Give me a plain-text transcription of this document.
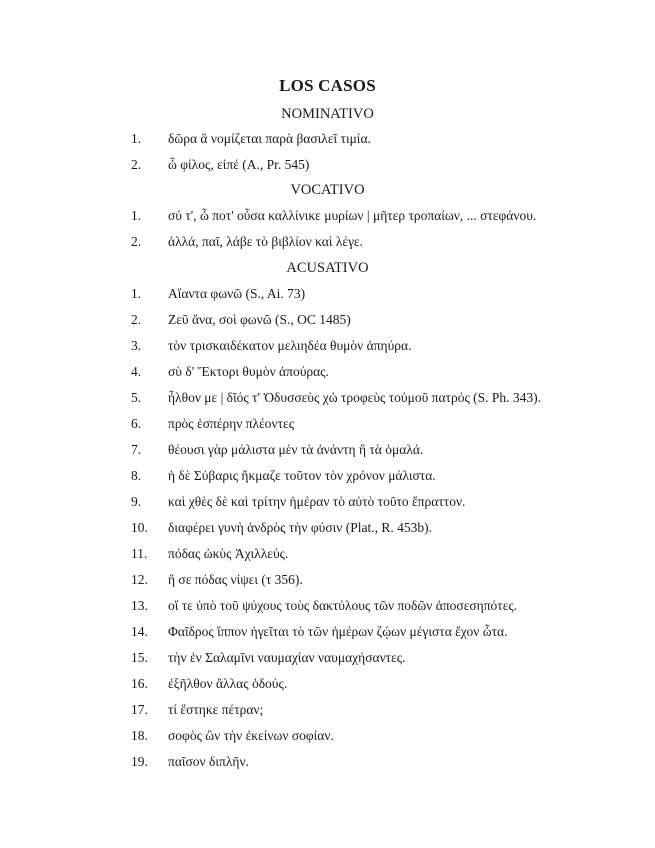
LOS CASOS
NOMINATIVO
1. δῶρα ἃ νομίζεται παρὰ βασιλεῖ τιμία.
2. ὦ φίλος, εἰπέ (A., Pr. 545)
VOCATIVO
1. σύ τ', ὦ ποτ' οὖσα καλλίνικε μυρίων | μῆτερ τροπαίων, ... στεφάνου.
2. ἀλλά, παῖ, λάβε τὸ βιβλίον καὶ λέγε.
ACUSATIVO
1. Αἴαντα φωνῶ (S., Ai. 73)
2. Ζεῦ ἄνα, σοὶ φωνῶ (S., OC 1485)
3. τὸν τρισκαιδέκατον μελιηδέα θυμὸν ἀπηύρα.
4. σὺ δ' Ἕκτορι θυμὸν ἀπούρας.
5. ἦλθον με | δῖός τ' Ὀδυσσεὺς χὠ τροφεὺς τοὐμοῦ πατρός (S. Ph. 343).
6. πρὸς ἑσπέρην πλέοντες
7. θέουσι γὰρ μάλιστα μὲν τὰ ἀνάντη ἢ τὰ ὁμαλά.
8. ἡ δὲ Σύβαρις ἤκμαζε τοῦτον τὸν χρόνον μάλιστα.
9. καὶ χθὲς δὲ καὶ τρίτην ἡμέραν τὸ αὐτὸ τοῦτο ἔπραττον.
10. διαφέρει γυνὴ ἀνδρὸς τὴν φύσιν (Plat., R. 453b).
11. πόδας ὠκὺς Ἀχιλλεύς.
12. ἥ σε πόδας νίψει (τ 356).
13. οἵ τε ὑπὸ τοῦ ψύχους τοὺς δακτύλους τῶν ποδῶν ἀποσεσηπότες.
14. Φαῖδρος ἵππον ἡγεῖται τὸ τῶν ἡμέρων ζῴων μέγιστα ἔχον ὦτα.
15. τὴν ἐν Σαλαμῖνι ναυμαχίαν ναυμαχήσαντες.
16. ἐξῆλθον ἄλλας ὁδούς.
17. τί ἕστηκε πέτραν;
18. σοφὸς ὢν τὴν ἐκείνων σοφίαν.
19. παῖσον διπλῆν.
